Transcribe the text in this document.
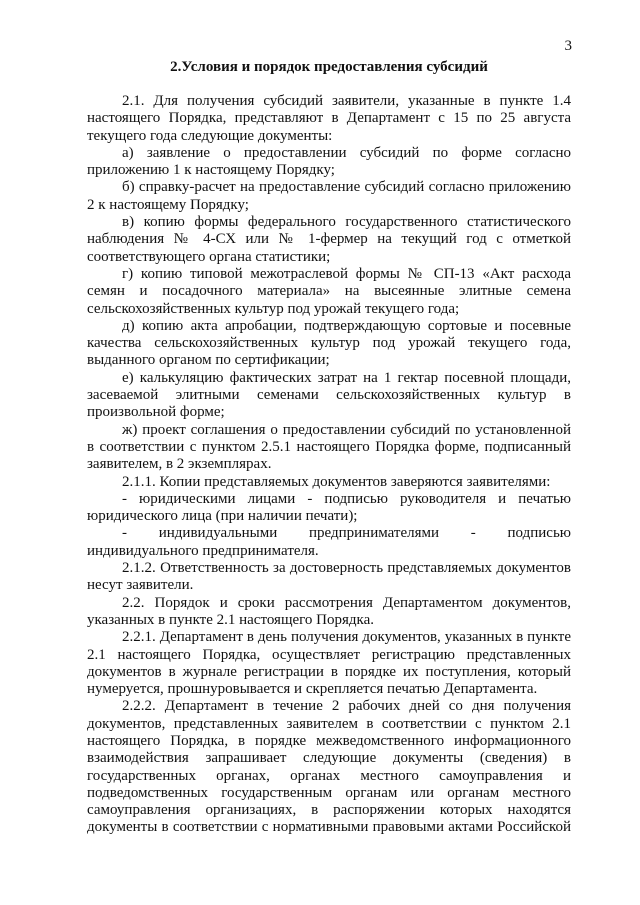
3
2.Условия и порядок предоставления субсидий

2.1. Для получения субсидий заявители, указанные в пункте 1.4 настоящего Порядка, представляют в Департамент с 15 по 25 августа текущего года следующие документы:

а) заявление о предоставлении субсидий по форме согласно приложению 1 к настоящему Порядку;

б) справку-расчет на предоставление субсидий согласно приложению 2 к настоящему Порядку;

в) копию формы федерального государственного статистического наблюдения № 4-СХ или № 1-фермер на текущий год с отметкой соответствующего органа статистики;

г) копию типовой межотраслевой формы № СП-13 «Акт расхода семян и посадочного материала» на высеянные элитные семена сельскохозяйственных культур под урожай текущего года;

д) копию акта апробации, подтверждающую сортовые и посевные качества сельскохозяйственных культур под урожай текущего года, выданного органом по сертификации;

е) калькуляцию фактических затрат на 1 гектар посевной площади, засеваемой элитными семенами сельскохозяйственных культур в произвольной форме;

ж) проект соглашения о предоставлении субсидий по установленной в соответствии с пунктом 2.5.1 настоящего Порядка форме, подписанный заявителем, в 2 экземплярах.

2.1.1. Копии представляемых документов заверяются заявителями:

- юридическими лицами - подписью руководителя и печатью юридического лица (при наличии печати);

- индивидуальными предпринимателями - подписью индивидуального предпринимателя.

2.1.2. Ответственность за достоверность представляемых документов несут заявители.

2.2. Порядок и сроки рассмотрения Департаментом документов, указанных в пункте 2.1 настоящего Порядка.

2.2.1. Департамент в день получения документов, указанных в пункте 2.1 настоящего Порядка, осуществляет регистрацию представленных документов в журнале регистрации в порядке их поступления, который нумеруется, прошнуровывается и скрепляется печатью Департамента.

2.2.2. Департамент в течение 2 рабочих дней со дня получения документов, представленных заявителем в соответствии с пунктом 2.1 настоящего Порядка, в порядке межведомственного информационного взаимодействия запрашивает следующие документы (сведения) в государственных органах, органах местного самоуправления и подведомственных государственным органам или органам местного самоуправления организациях, в распоряжении которых находятся документы в соответствии с нормативными правовыми актами Российской
